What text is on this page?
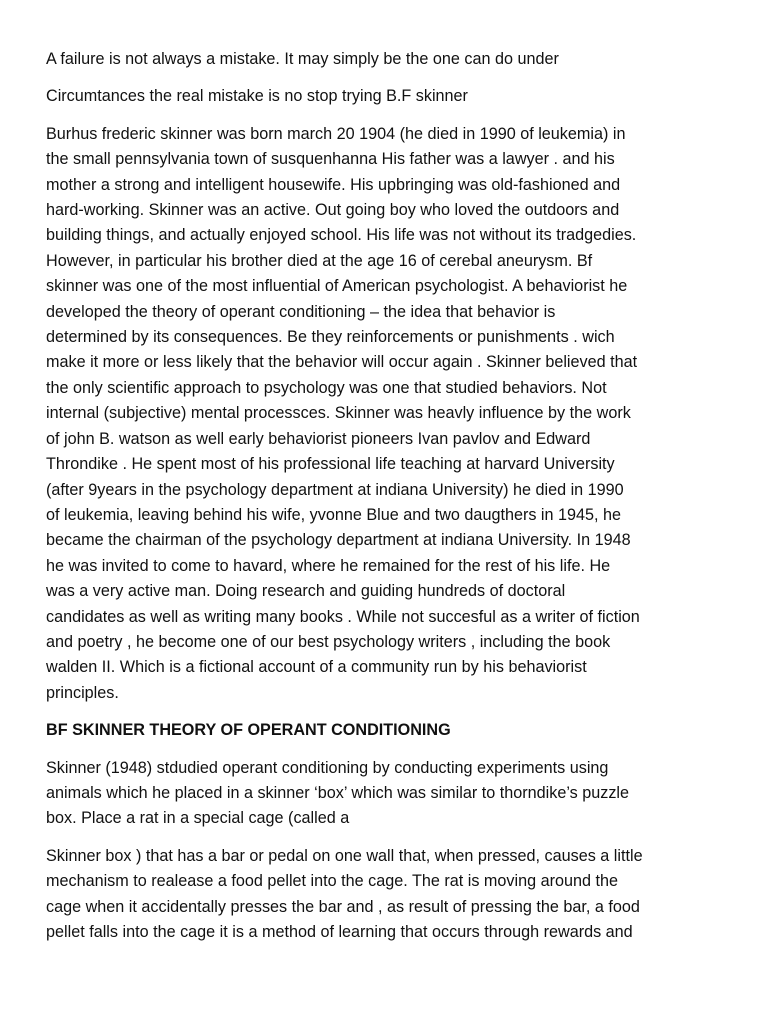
A failure is not always a mistake. It may simply be the one can do under

Circumtances the real mistake is no stop trying B.F skinner

Burhus frederic skinner was born march 20 1904 (he died in 1990 of leukemia) in
the small pennsylvania town of susquenhanna His father was a lawyer . and his
mother a strong and intelligent housewife. His upbringing was old-fashioned and
hard-working. Skinner was an active. Out going boy who loved the outdoors and
building things, and actually enjoyed school. His life was not without its tradgedies.
However, in particular his brother died at the age 16 of cerebal aneurysm. Bf
skinner was one of the most influential of American psychologist. A behaviorist he
developed the theory of operant conditioning – the idea that behavior is
determined by its consequences. Be they reinforcements or punishments . wich
make it more or less likely that the behavior will occur again . Skinner believed that
the only scientific approach to psychology was one that studied behaviors. Not
internal (subjective) mental processces. Skinner was heavly influence by the work
of john B. watson as well early behaviorist pioneers Ivan pavlov and Edward
Throndike . He spent most of his professional life teaching at harvard University
(after 9years in the psychology department at indiana University) he died in 1990
of leukemia, leaving behind his wife, yvonne Blue and two daugthers in 1945, he
became the chairman of the psychology department at indiana University. In 1948
he was invited to come to havard, where he remained for the rest of his life. He
was a very active man. Doing research and guiding hundreds of doctoral
candidates as well as writing many books . While not succesful as a writer of fiction
and poetry , he become one of our best psychology writers , including the book
walden II. Which is a fictional account of a community run by his behaviorist
principles.

BF SKINNER THEORY OF OPERANT CONDITIONING

Skinner (1948) stdudied operant conditioning by conducting experiments using
animals which he placed in a skinner ‘box’ which was similar to thorndike’s puzzle
box. Place a rat in a special cage (called a

Skinner box ) that has a bar or pedal on one wall that, when pressed, causes a little
mechanism to realease a food pellet into the cage. The rat is moving around the
cage when it accidentally presses the bar and , as result of pressing the bar, a food
pellet falls into the cage it is a method of learning that occurs through rewards and
